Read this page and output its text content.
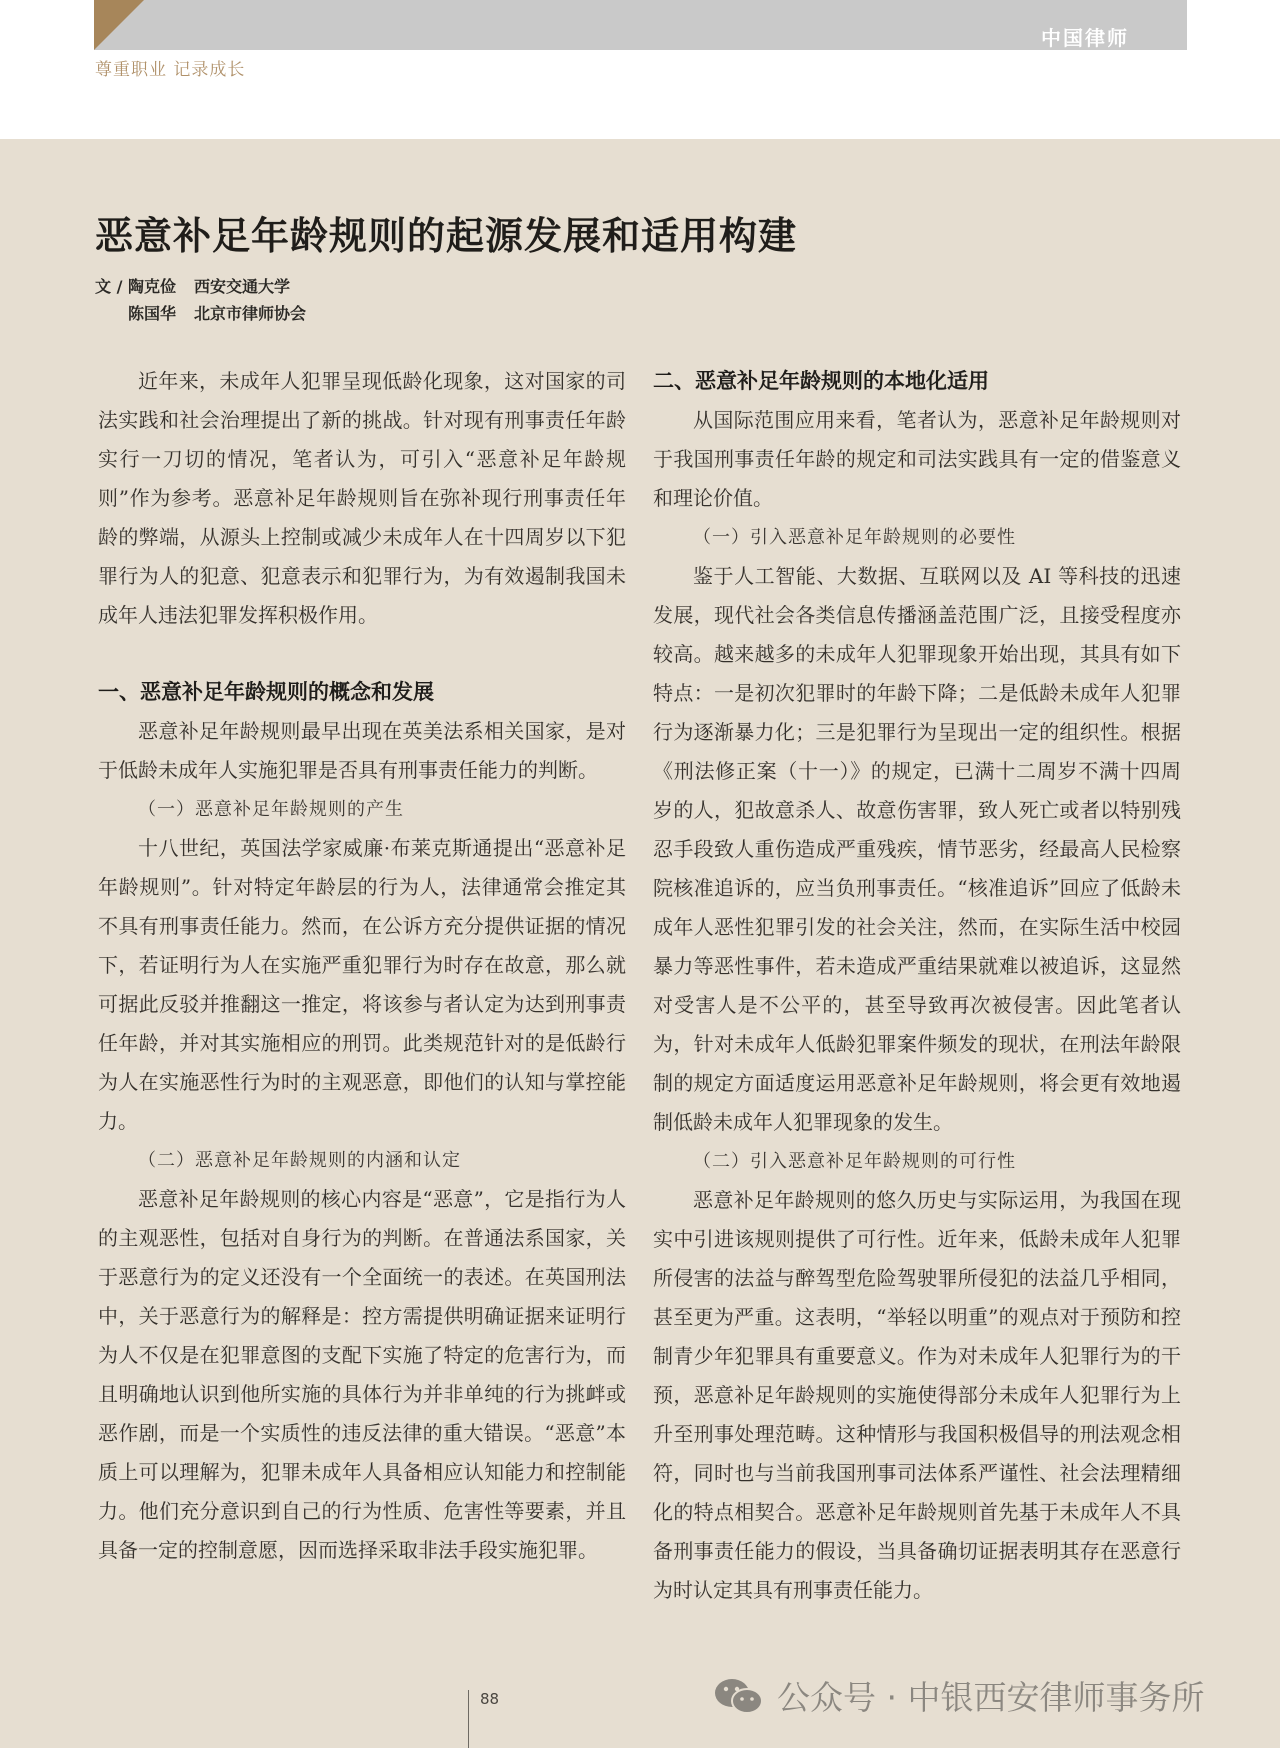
中国律师
尊重职业 记录成长
恶意补足年龄规则的起源发展和适用构建
文 / 陶克俭 西安交通大学
陈国华 北京市律师协会

近年来，未成年人犯罪呈现低龄化现象，这对国家的司法实践和社会治理提出了新的挑战。针对现有刑事责任年龄实行一刀切的情况，笔者认为，可引入“恶意补足年龄规则”作为参考。恶意补足年龄规则旨在弥补现行刑事责任年龄的弊端，从源头上控制或减少未成年人在十四周岁以下犯罪行为人的犯意、犯意表示和犯罪行为，为有效遏制我国未成年人违法犯罪发挥积极作用。

一、恶意补足年龄规则的概念和发展

恶意补足年龄规则最早出现在英美法系相关国家，是对于低龄未成年人实施犯罪是否具有刑事责任能力的判断。

（一）恶意补足年龄规则的产生

十八世纪，英国法学家威廉·布莱克斯通提出“恶意补足年龄规则”。针对特定年龄层的行为人，法律通常会推定其不具有刑事责任能力。然而，在公诉方充分提供证据的情况下，若证明行为人在实施严重犯罪行为时存在故意，那么就可据此反驳并推翻这一推定，将该参与者认定为达到刑事责任年龄，并对其实施相应的刑罚。此类规范针对的是低龄行为人在实施恶性行为时的主观恶意，即他们的认知与掌控能力。

（二）恶意补足年龄规则的内涵和认定

恶意补足年龄规则的核心内容是“恶意”，它是指行为人的主观恶性，包括对自身行为的判断。在普通法系国家，关于恶意行为的定义还没有一个全面统一的表述。在英国刑法中，关于恶意行为的解释是：控方需提供明确证据来证明行为人不仅是在犯罪意图的支配下实施了特定的危害行为，而且明确地认识到他所实施的具体行为并非单纯的行为挑衅或恶作剧，而是一个实质性的违反法律的重大错误。“恶意”本质上可以理解为，犯罪未成年人具备相应认知能力和控制能力。他们充分意识到自己的行为性质、危害性等要素，并且具备一定的控制意愿，因而选择采取非法手段实施犯罪。

二、恶意补足年龄规则的本地化适用

从国际范围应用来看，笔者认为，恶意补足年龄规则对于我国刑事责任年龄的规定和司法实践具有一定的借鉴意义和理论价值。

（一）引入恶意补足年龄规则的必要性

鉴于人工智能、大数据、互联网以及 AI 等科技的迅速发展，现代社会各类信息传播涵盖范围广泛，且接受程度亦较高。越来越多的未成年人犯罪现象开始出现，其具有如下特点：一是初次犯罪时的年龄下降；二是低龄未成年人犯罪行为逐渐暴力化；三是犯罪行为呈现出一定的组织性。根据《刑法修正案（十一）》的规定，已满十二周岁不满十四周岁的人，犯故意杀人、故意伤害罪，致人死亡或者以特别残忍手段致人重伤造成严重残疾，情节恶劣，经最高人民检察院核准追诉的，应当负刑事责任。“核准追诉”回应了低龄未成年人恶性犯罪引发的社会关注，然而，在实际生活中校园暴力等恶性事件，若未造成严重结果就难以被追诉，这显然对受害人是不公平的，甚至导致再次被侵害。因此笔者认为，针对未成年人低龄犯罪案件频发的现状，在刑法年龄限制的规定方面适度运用恶意补足年龄规则，将会更有效地遏制低龄未成年人犯罪现象的发生。

（二）引入恶意补足年龄规则的可行性

恶意补足年龄规则的悠久历史与实际运用，为我国在现实中引进该规则提供了可行性。近年来，低龄未成年人犯罪所侵害的法益与醉驾型危险驾驶罪所侵犯的法益几乎相同，甚至更为严重。这表明，“举轻以明重”的观点对于预防和控制青少年犯罪具有重要意义。作为对未成年人犯罪行为的干预，恶意补足年龄规则的实施使得部分未成年人犯罪行为上升至刑事处理范畴。这种情形与我国积极倡导的刑法观念相符，同时也与当前我国刑事司法体系严谨性、社会法理精细化的特点相契合。恶意补足年龄规则首先基于未成年人不具备刑事责任能力的假设，当具备确切证据表明其存在恶意行为时认定其具有刑事责任能力。

88	公众号 · 中银西安律师事务所
